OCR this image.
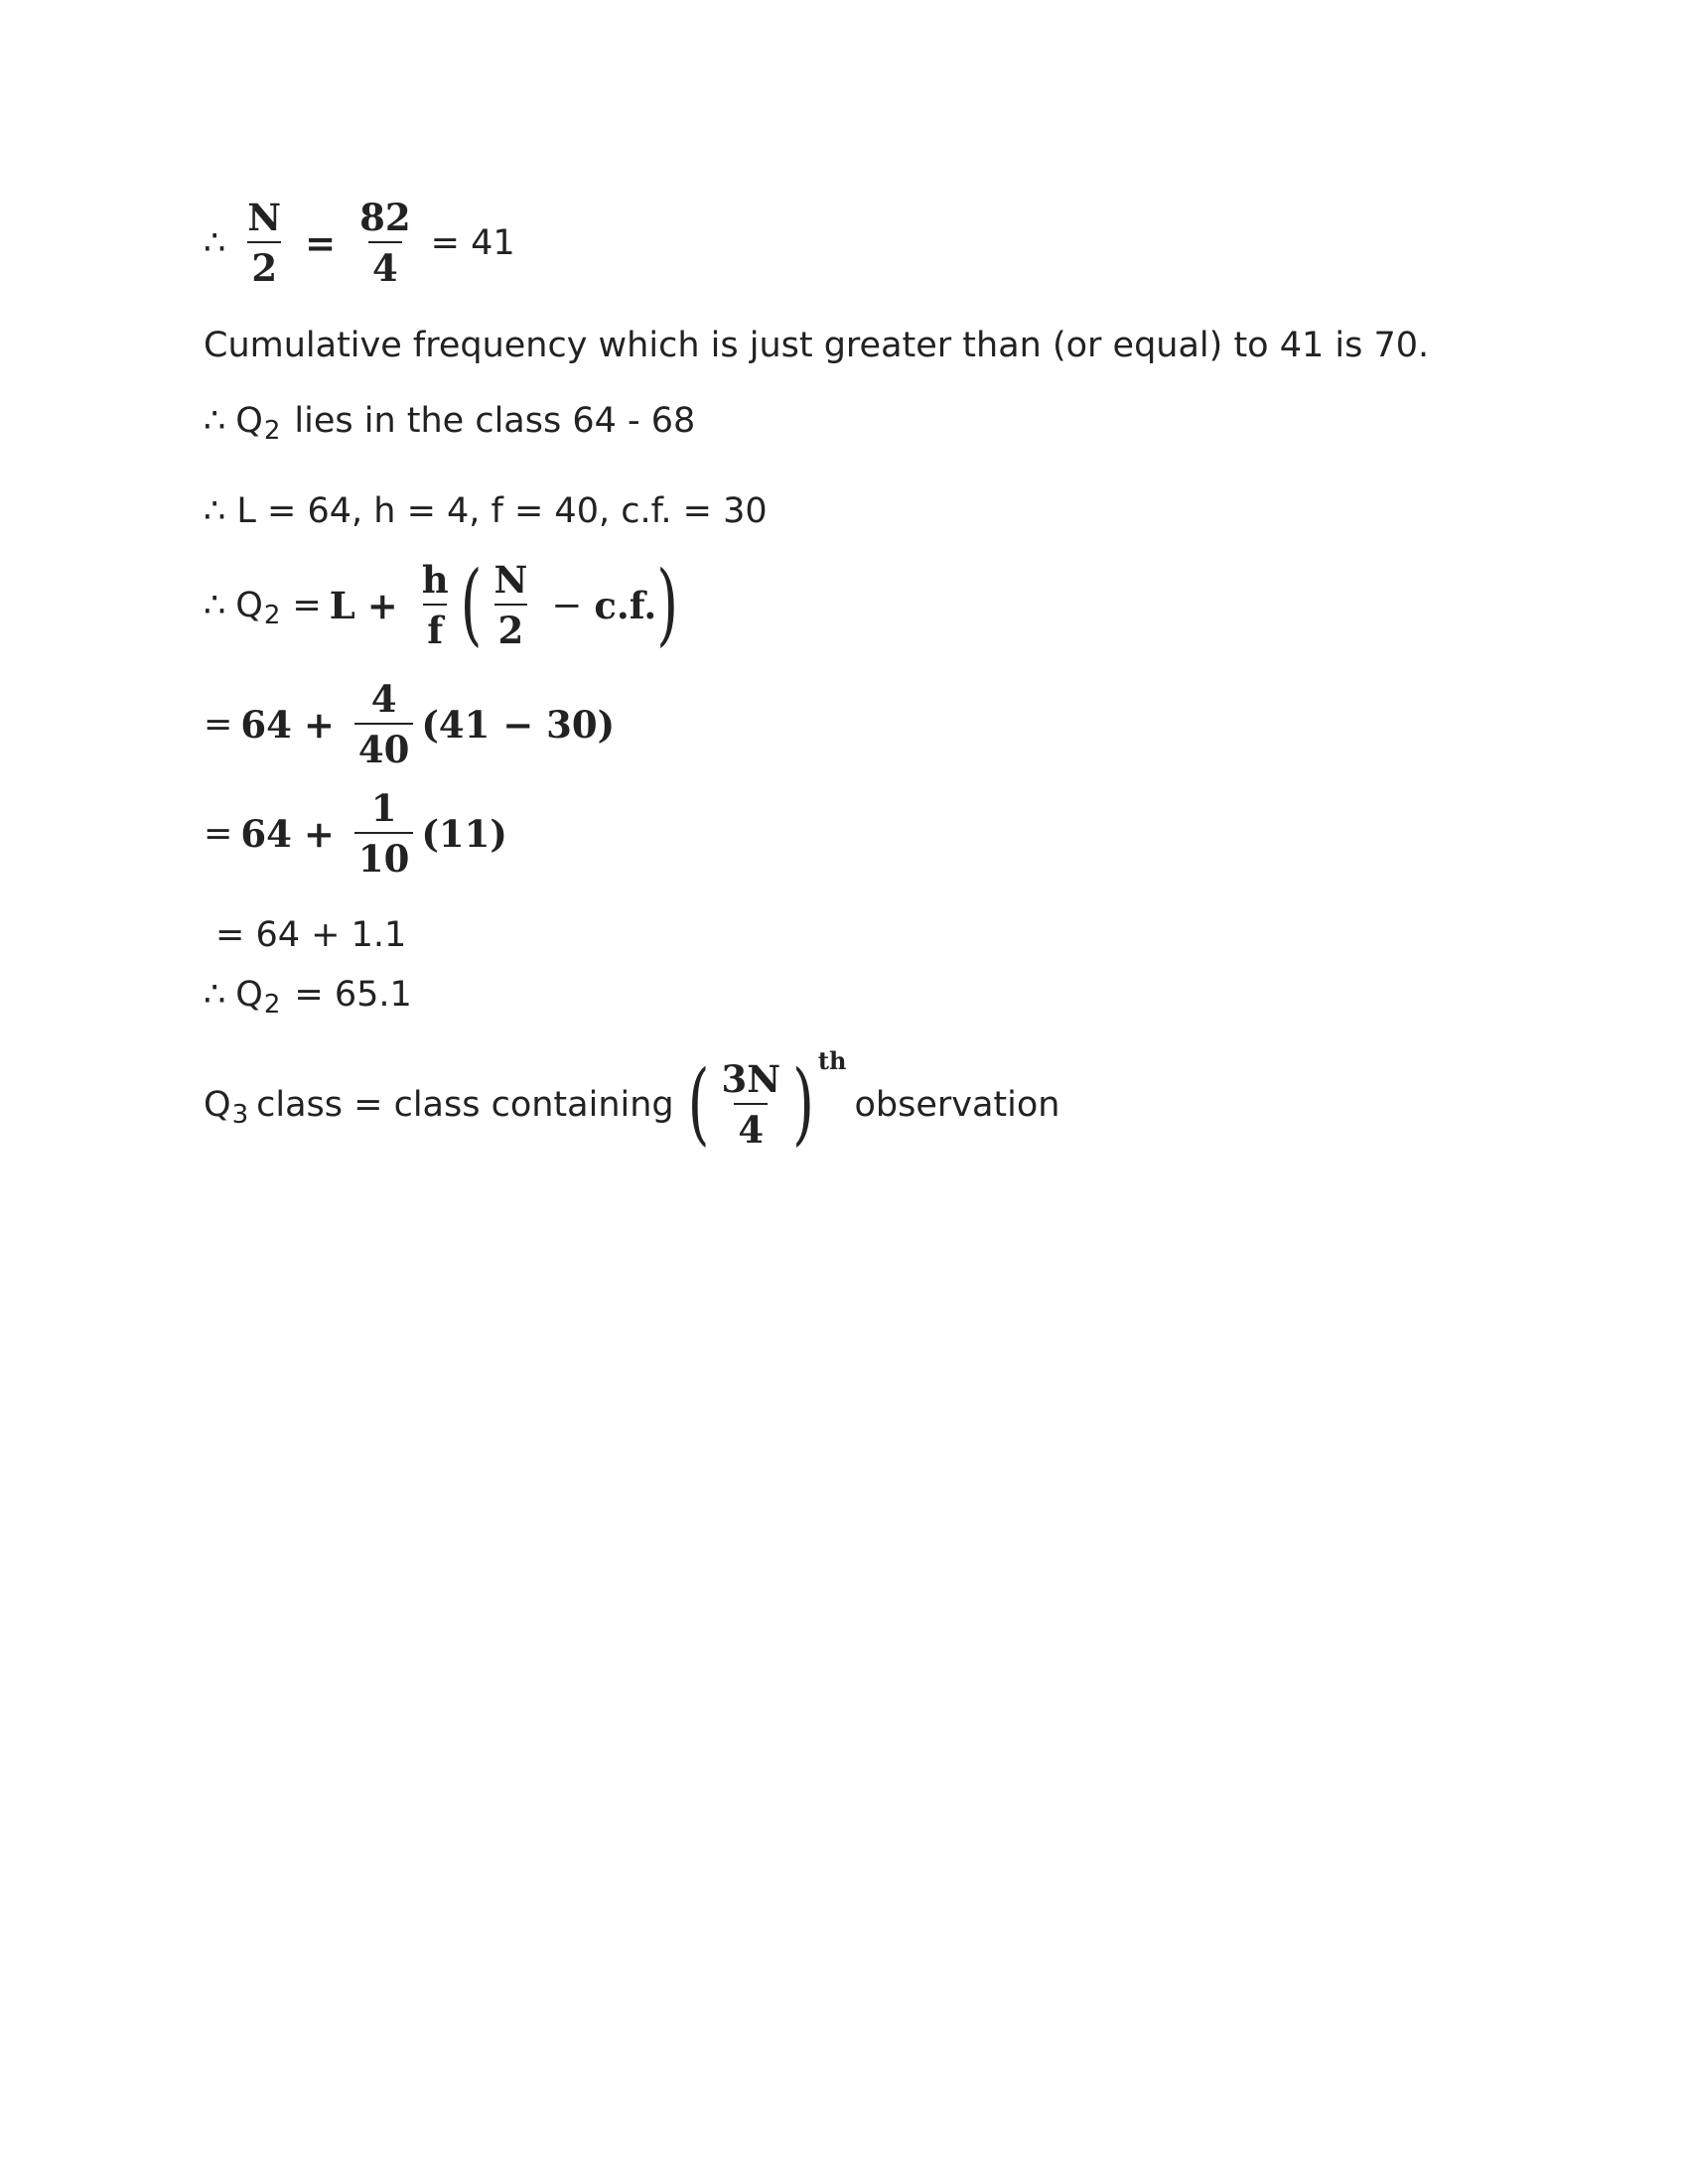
∴ $\frac{N}{2} = \frac{82}{4} = 41$
Cumulative frequency which is just greater than (or equal) to 41 is 70.
∴ Q 2 lies in the class 64 - 68
∴ L = 64, h = 4, f = 40, c.f. = 30
∴ Q $2 = L + \frac{h}{f}$ ( $\frac{N}{2} - c.f$. )
= $64 + \frac{4}{40} (41 - 30)$
= $64 + \frac{1}{10} (11)$
= 64 + 1.1
∴ Q 2 = 65.1
Q 3 class = class containing ( $\frac{3N}{4}$ ) th
observation
